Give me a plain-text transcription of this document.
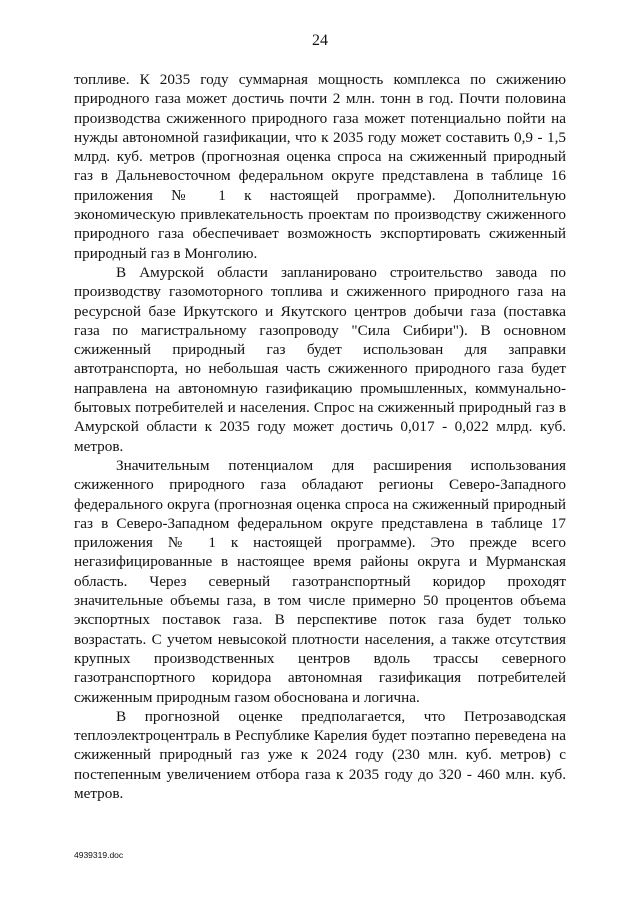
24

топливе. К 2035 году суммарная мощность комплекса по сжижению природного газа может достичь почти 2 млн. тонн в год. Почти половина производства сжиженного природного газа может потенциально пойти на нужды автономной газификации, что к 2035 году может составить 0,9 - 1,5 млрд. куб. метров (прогнозная оценка спроса на сжиженный природный газ в Дальневосточном федеральном округе представлена в таблице 16 приложения № 1 к настоящей программе). Дополнительную экономическую привлекательность проектам по производству сжиженного природного газа обеспечивает возможность экспортировать сжиженный природный газ в Монголию.

В Амурской области запланировано строительство завода по производству газомоторного топлива и сжиженного природного газа на ресурсной базе Иркутского и Якутского центров добычи газа (поставка газа по магистральному газопроводу "Сила Сибири"). В основном сжиженный природный газ будет использован для заправки автотранспорта, но небольшая часть сжиженного природного газа будет направлена на автономную газификацию промышленных, коммунально-бытовых потребителей и населения. Спрос на сжиженный природный газ в Амурской области к 2035 году может достичь 0,017 - 0,022 млрд. куб. метров.

Значительным потенциалом для расширения использования сжиженного природного газа обладают регионы Северо-Западного федерального округа (прогнозная оценка спроса на сжиженный природный газ в Северо-Западном федеральном округе представлена в таблице 17 приложения № 1 к настоящей программе). Это прежде всего негазифицированные в настоящее время районы округа и Мурманская область. Через северный газотранспортный коридор проходят значительные объемы газа, в том числе примерно 50 процентов объема экспортных поставок газа. В перспективе поток газа будет только возрастать. С учетом невысокой плотности населения, а также отсутствия крупных производственных центров вдоль трассы северного газотранспортного коридора автономная газификация потребителей сжиженным природным газом обоснована и логична.

В прогнозной оценке предполагается, что Петрозаводская теплоэлектроцентраль в Республике Карелия будет поэтапно переведена на сжиженный природный газ уже к 2024 году (230 млн. куб. метров) с постепенным увеличением отбора газа к 2035 году до 320 - 460 млн. куб. метров.

4939319.doc
